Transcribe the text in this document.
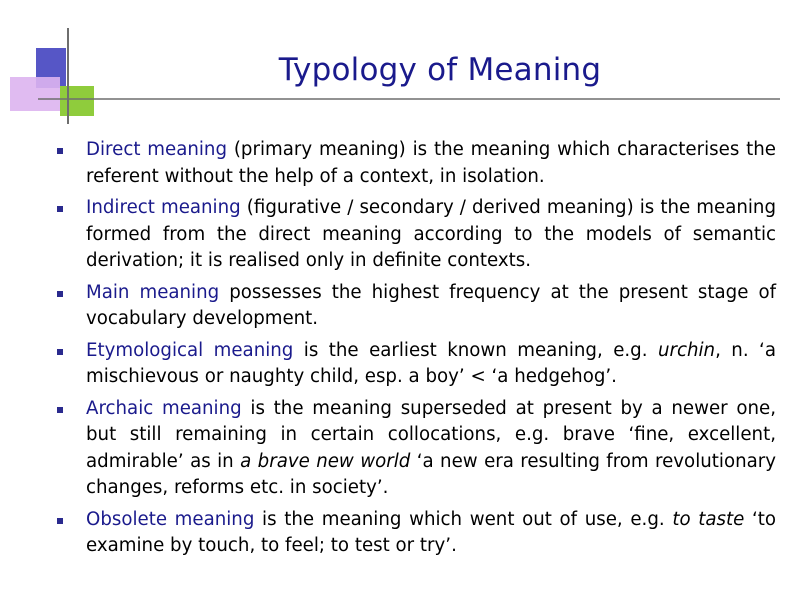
Typology of Meaning
Direct meaning (primary meaning) is the meaning which characterises the referent without the help of a context, in isolation.
Indirect meaning (figurative / secondary / derived meaning) is the meaning formed from the direct meaning according to the models of semantic derivation; it is realised only in definite contexts.
Main meaning possesses the highest frequency at the present stage of vocabulary development.
Etymological meaning is the earliest known meaning, e.g. urchin, n. ‘a mischievous or naughty child, esp. a boy’ < ‘a hedgehog’.
Archaic meaning is the meaning superseded at present by a newer one, but still remaining in certain collocations, e.g. brave ‘fine, excellent, admirable’ as in a brave new world ‘a new era resulting from revolutionary changes, reforms etc. in society’.
Obsolete meaning is the meaning which went out of use, e.g. to taste ‘to examine by touch, to feel; to test or try’.
